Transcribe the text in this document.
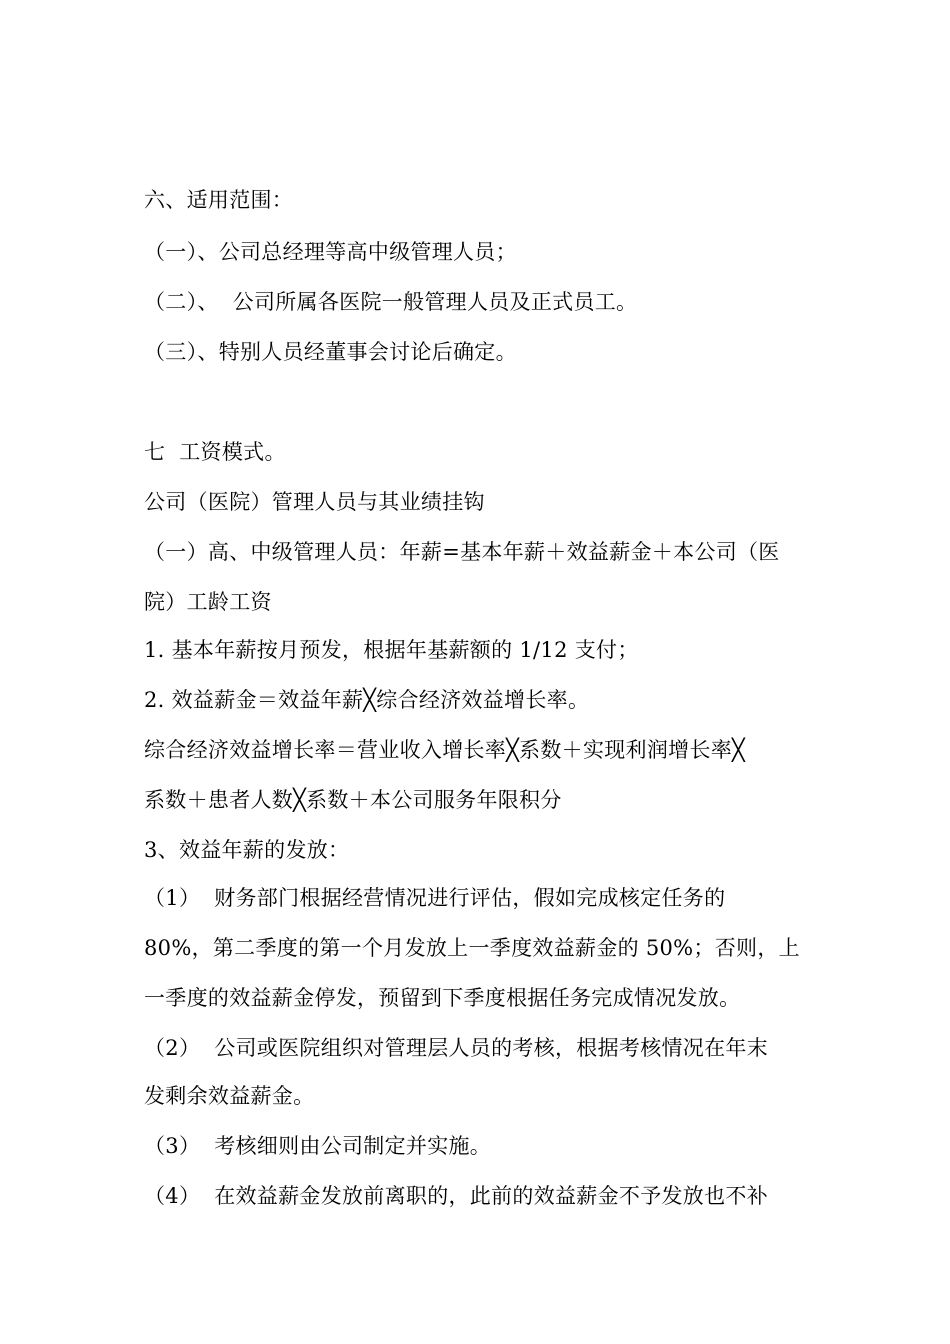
六、适用范围：
（一）、公司总经理等高中级管理人员；
（二）、  公司所属各医院一般管理人员及正式员工。
（三）、特别人员经董事会讨论后确定。
七  工资模式。
公司（医院）管理人员与其业绩挂钩
（一）高、中级管理人员：年薪=基本年薪＋效益薪金＋本公司（医
院）工龄工资
1. 基本年薪按月预发，根据年基薪额的 1/12 支付；
2. 效益薪金＝效益年薪╳综合经济效益增长率。
综合经济效益增长率＝营业收入增长率╳系数＋实现利润增长率╳
系数＋患者人数╳系数＋本公司服务年限积分
3、效益年薪的发放：
（1）  财务部门根据经营情况进行评估，假如完成核定任务的
80%，第二季度的第一个月发放上一季度效益薪金的 50%；否则，上
一季度的效益薪金停发，预留到下季度根据任务完成情况发放。
（2）  公司或医院组织对管理层人员的考核，根据考核情况在年末
发剩余效益薪金。
（3）  考核细则由公司制定并实施。
（4）  在效益薪金发放前离职的，此前的效益薪金不予发放也不补
